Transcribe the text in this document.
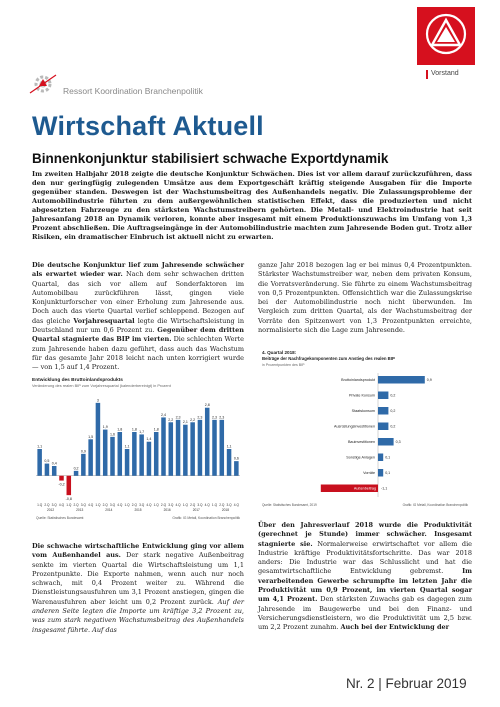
Vorstand
Ressort Koordination Branchenpolitik
Wirtschaft Aktuell
Binnenkonjunktur stabilisiert schwache Exportdynamik
Im zweiten Halbjahr 2018 zeigte die deutsche Konjunktur Schwächen. Dies ist vor allem darauf zurückzuführen, dass den nur geringfügig zulegenden Umsätze aus dem Exportgeschäft kräftig steigende Ausgaben für die Importe gegenüber standen. Deswegen ist der Wachstumsbeitrag des Außenhandels negativ. Die Zulassungsprobleme der Automobilindustrie führten zu dem außergewöhnlichen statistischen Effekt, dass die produzierten und nicht abgesetzten Fahrzeuge zu den stärksten Wachstumstreibern gehörten. Die Metall- und Elektroindustrie hat seit Jahresanfang 2018 an Dynamik verloren, konnte aber insgesamt mit einem Produktionszuwachs im Umfang von 1,3 Prozent abschließen. Die Auftragseingänge in der Automobilindustrie machten zum Jahresende Boden gut. Trotz aller Risiken, ein dramatischer Einbruch ist aktuell nicht zu erwarten.
Die deutsche Konjunktur lief zum Jahresende schwächer als erwartet wieder war. Nach dem sehr schwachen dritten Quartal, das sich vor allem auf Sonderfaktoren im Automobilbau zurückführen lässt, gingen viele Konjunkturforscher von einer Erholung zum Jahresende aus. Doch auch das vierte Quartal verlief schleppend. Bezogen auf das gleiche Vorjahresquartal legte die Wirtschaftsleistung in Deutschland nur um 0,6 Prozent zu. Gegenüber dem dritten Quartal stagnierte das BIP im vierten. Die schlechten Werte zum Jahresende haben dazu geführt, dass auch das Wachstum für das gesamte Jahr 2018 leicht nach unten korrigiert wurde — von 1,5 auf 1,4 Prozent.
ganze Jahr 2018 bezogen lag er bei minus 0,4 Prozentpunkten. Stärkster Wachstumstreiber war, neben dem privaten Konsum, die Vorratsveränderung. Sie führte zu einem Wachstumsbeitrag von 0,5 Prozentpunkten. Offensichtlich war die Zulassungskrise bei der Automobilindustrie noch nicht überwunden. Im Vergleich zum dritten Quartal, als der Wachstumsbeitrag der Vorräte den Spitzenwert von 1,3 Prozentpunkten erreichte, normalisierte sich die Lage zum Jahresende.
Entwicklung des Bruttoinlandsprodukts
Veränderung des realen BIP zum Vorjahresquartal (kalenderbereinigt) in Prozent
1,1
1.Q
0,5
2.Q
0,4
3.Q
-0,2
4.Q
-0,8
1.Q
0,2
2.Q
0,9
3.Q
1,5
4.Q
3
1.Q
1,9
2.Q
1,6
3.Q
1,8
4.Q
1,1
1.Q
1,8
2.Q
1,7
3.Q
1,4
4.Q
1,8
1.Q
2,4
2.Q
2,2
3.Q
2,3
4.Q
2,1
1.Q
2,2
2.Q
2,3
3.Q
2,8
4.Q
2,3
1.Q
2,3
2.Q
1,1
3.Q
0,6
4.Q
2012	2013	2014	2015	2016	2017	2018
Quelle: Statistisches Bundesamt	Grafik: IG Metall, Koordination Branchenpolitik
4. Quartal 2018:
Beiträge der Nachfragekomponenten zum Anstieg des realen BIP
in Prozentpunkten des BIP
Bruttoinlandsprodukt	0,9
Private Konsum	0,2
Staatskonsum	0,2
Ausrüstungsinvestitionen	0,2
Bauinvestitionen	0,3
Sonstige Anlagen	0,1
Vorräte	0,1
Außenbeitrag -1,1
Quelle: Statistisches Bundesamt, 2019	Grafik: IG Metall, Koordination Branchenpolitik
Die schwache wirtschaftliche Entwicklung ging vor allem vom Außenhandel aus. Der stark negative Außenbeitrag senkte im vierten Quartal die Wirtschaftsleistung um 1,1 Prozentpunkte. Die Exporte nahmen, wenn auch nur noch schwach, mit 0,4 Prozent weiter zu. Während die Dienstleistungsausfuhren um 3,1 Prozent anstiegen, gingen die Warenausfuhren aber leicht um 0,2 Prozent zurück. Auf der anderen Seite legten die Importe um kräftige 3,2 Prozent zu, was zum stark negativen Wachstumsbeitrag des Außenhandels insgesamt führte. Auf das
Über den Jahresverlauf 2018 wurde die Produktivität (gerechnet je Stunde) immer schwächer. Insgesamt stagnierte sie. Normalerweise erwirtschaftet vor allem die Industrie kräftige Produktivitätsfortschritte. Das war 2018 anders: Die Industrie war das Schlusslicht und hat die gesamtwirtschaftliche Entwicklung gebremst. Im verarbeitenden Gewerbe schrumpfte im letzten Jahr die Produktivität um 0,9 Prozent, im vierten Quartal sogar um 4,1 Prozent. Den stärksten Zuwachs gab es dagegen zum Jahresende im Baugewerbe und bei den Finanz- und Versicherungsdienstleistern, wo die Produktivität um 2,5 bzw. um 2,2 Prozent zunahm. Auch bei der Entwicklung der
Nr. 2 | Februar 2019
